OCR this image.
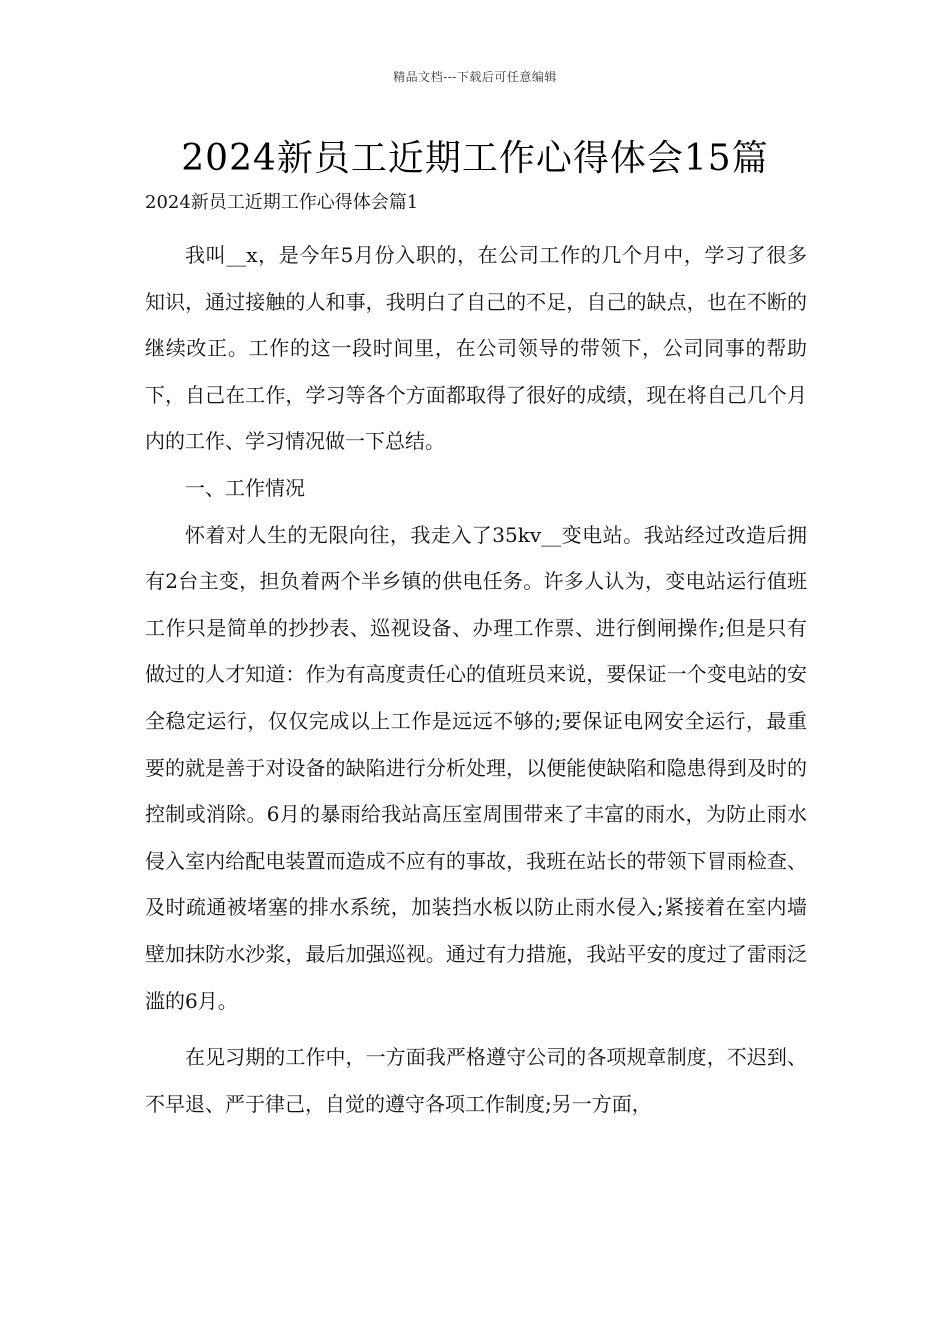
精品文档---下载后可任意编辑
2024新员工近期工作心得体会15篇
2024新员工近期工作心得体会篇1

我叫__x，是今年5月份入职的，在公司工作的几个月中，学习了很多知识，通过接触的人和事，我明白了自己的不足，自己的缺点，也在不断的继续改正。工作的这一段时间里，在公司领导的带领下，公司同事的帮助下，自己在工作，学习等各个方面都取得了很好的成绩，现在将自己几个月内的工作、学习情况做一下总结。

一、工作情况

怀着对人生的无限向往，我走入了35kv__变电站。我站经过改造后拥有2台主变，担负着两个半乡镇的供电任务。许多人认为，变电站运行值班工作只是简单的抄抄表、巡视设备、办理工作票、进行倒闸操作;但是只有做过的人才知道：作为有高度责任心的值班员来说，要保证一个变电站的安全稳定运行，仅仅完成以上工作是远远不够的;要保证电网安全运行，最重要的就是善于对设备的缺陷进行分析处理，以便能使缺陷和隐患得到及时的控制或消除。6月的暴雨给我站高压室周围带来了丰富的雨水，为防止雨水侵入室内给配电装置而造成不应有的事故，我班在站长的带领下冒雨检查、及时疏通被堵塞的排水系统，加装挡水板以防止雨水侵入;紧接着在室内墙壁加抹防水沙浆，最后加强巡视。通过有力措施，我站平安的度过了雷雨泛滥的6月。

在见习期的工作中，一方面我严格遵守公司的各项规章制度，不迟到、不早退、严于律己，自觉的遵守各项工作制度;另一方面，
